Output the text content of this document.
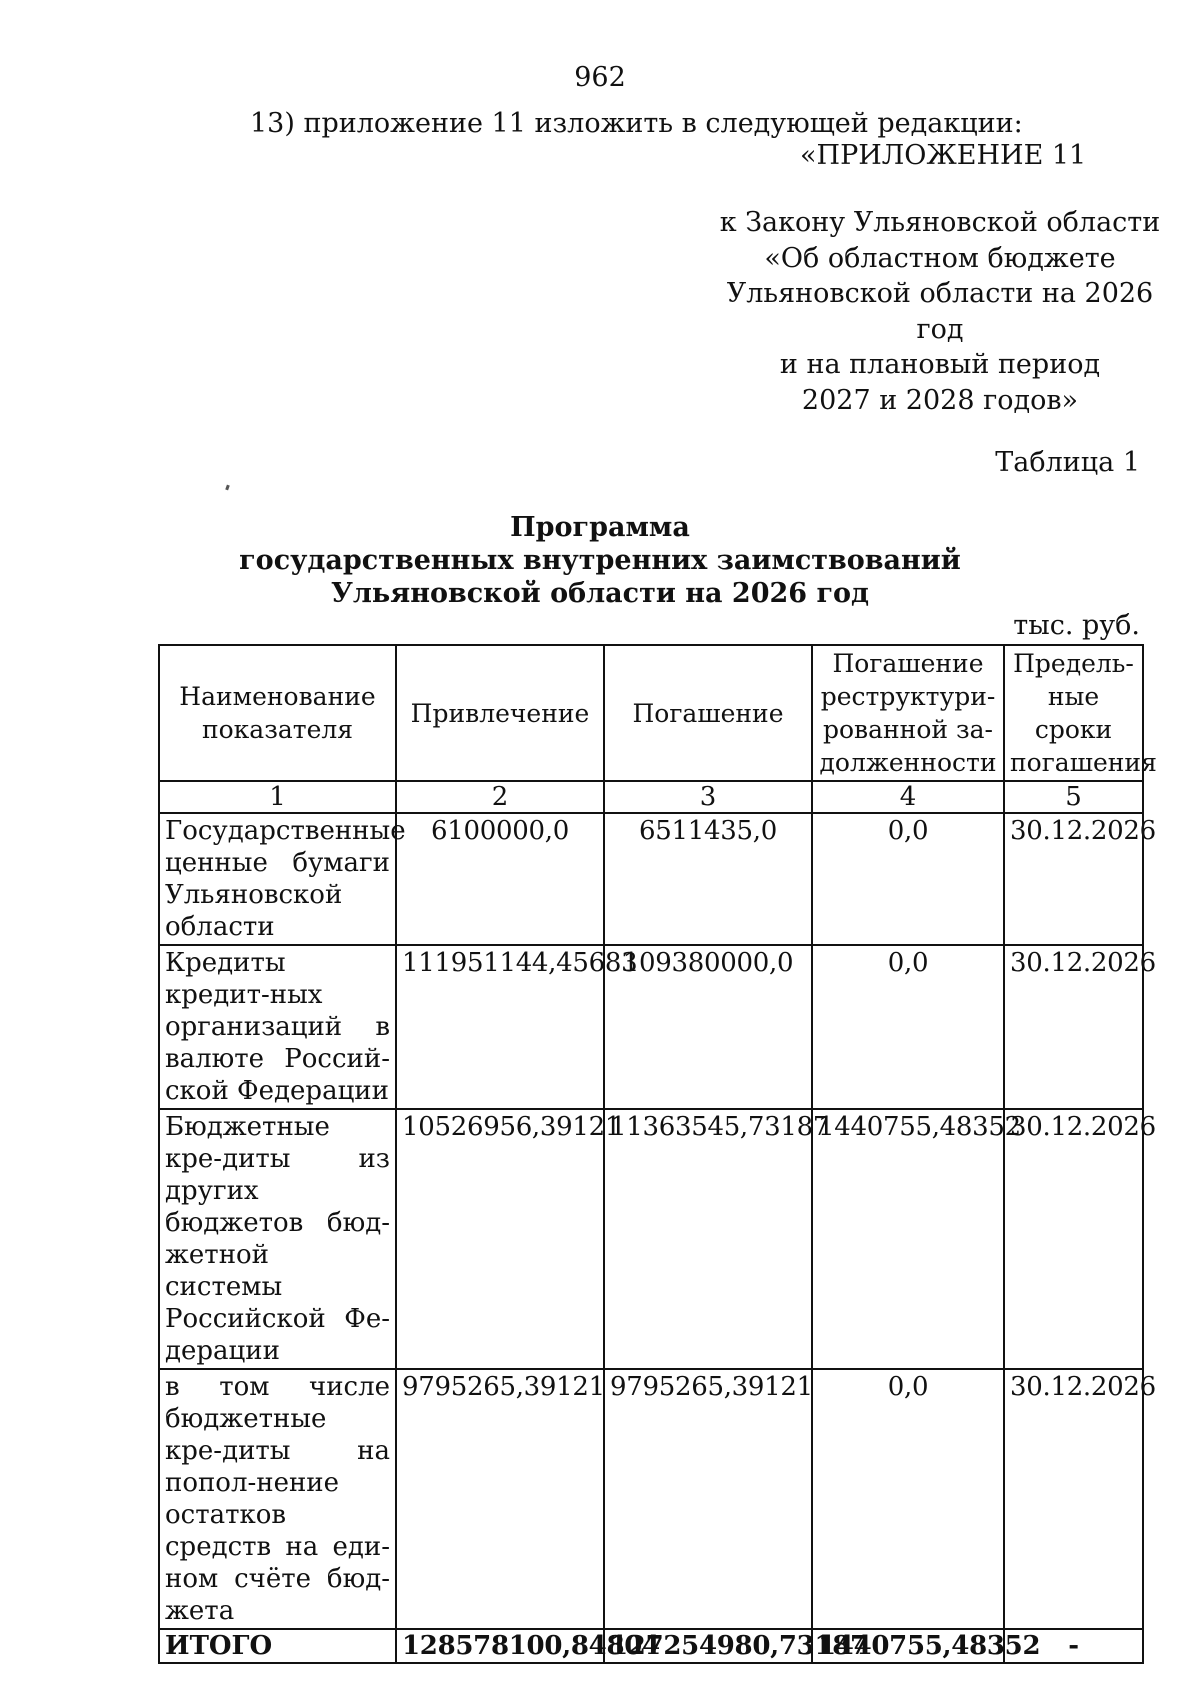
962
13) приложение 11 изложить в следующей редакции:
«ПРИЛОЖЕНИЕ 11
к Закону Ульяновской области
«Об областном бюджете
Ульяновской области на 2026 год
и на плановый период
2027 и 2028 годов»
Таблица 1
Программа
государственных внутренних заимствований
Ульяновской области на 2026 год
тыс. руб.
Наименование показателя	Привлечение	Погашение	Погашение реструктури-рованной за-долженности	Предель-ные сроки погашения
1	2	3	4	5
Государственные ценные бумаги Ульяновской области	6100000,0	6511435,0	0,0	30.12.2026
Кредиты кредит-ных организаций в валюте Россий-ской Федерации	111951144,45683	109380000,0	0,0	30.12.2026
Бюджетные кре-диты из других бюджетов бюд-жетной системы Российской Фе-дерации	10526956,39121	11363545,73187	1440755,48352	30.12.2026
в том числе бюджетные кре-диты на попол-нение остатков средств на еди-ном счёте бюд-жета	9795265,39121	9795265,39121	0,0	30.12.2026
ИТОГО	128578100,84804	127254980,73187	1440755,48352	-
